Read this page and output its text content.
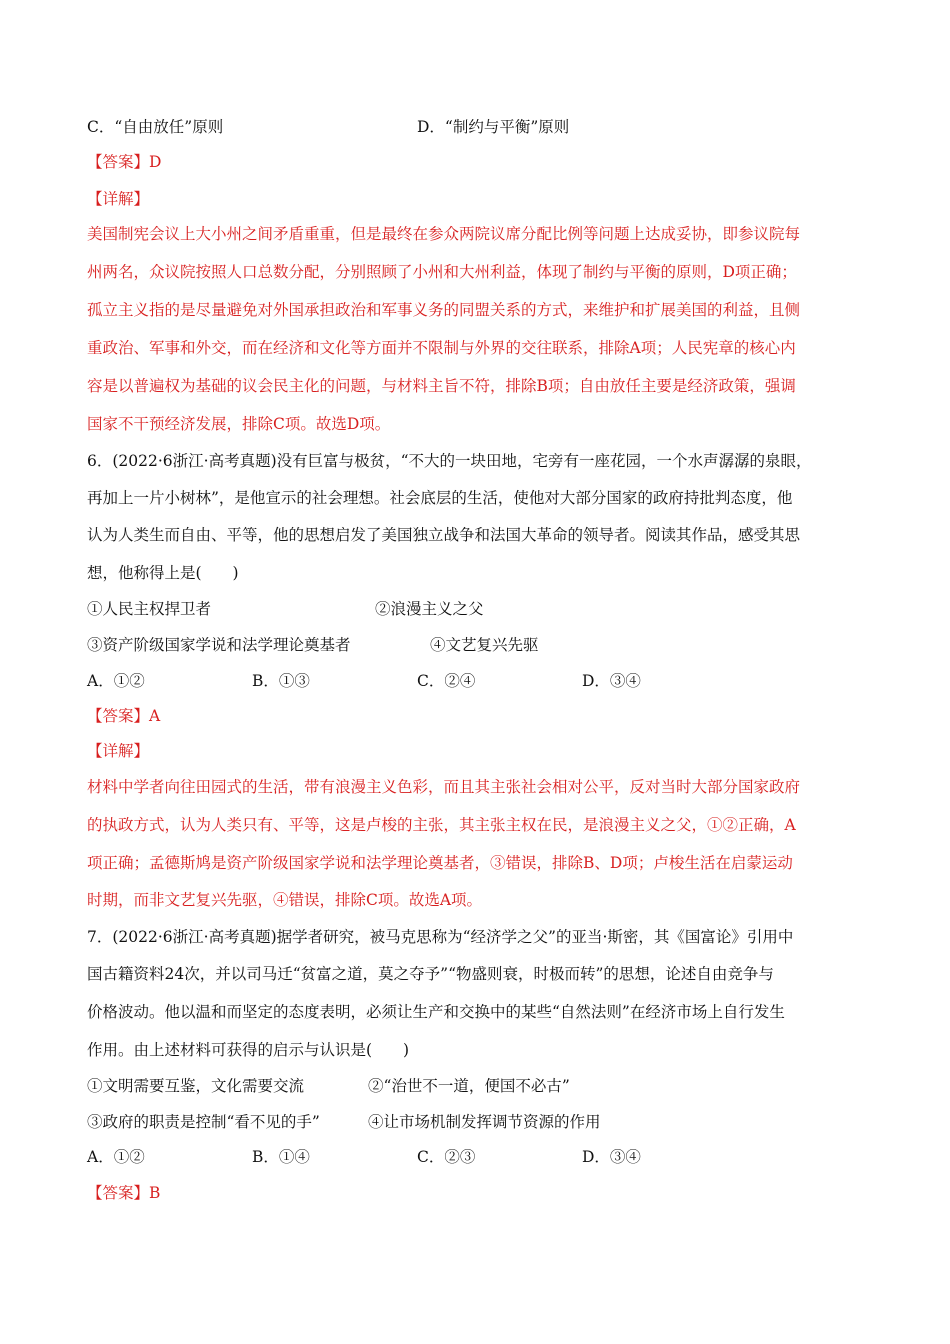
C．“自由放任”原则	D．“制约与平衡”原则
【答案】D
【详解】
美国制宪会议上大小州之间矛盾重重，但是最终在参众两院议席分配比例等问题上达成妥协，即参议院每
州两名，众议院按照人口总数分配，分别照顾了小州和大州利益，体现了制约与平衡的原则，D项正确；
孤立主义指的是尽量避免对外国承担政治和军事义务的同盟关系的方式，来维护和扩展美国的利益，且侧
重政治、军事和外交，而在经济和文化等方面并不限制与外界的交往联系，排除A项；人民宪章的核心内
容是以普遍权为基础的议会民主化的问题，与材料主旨不符，排除B项；自由放任主要是经济政策，强调
国家不干预经济发展，排除C项。故选D项。
6．(2022·6浙江·高考真题)没有巨富与极贫，“不大的一块田地，宅旁有一座花园，一个水声潺潺的泉眼，
再加上一片小树林”，是他宣示的社会理想。社会底层的生活，使他对大部分国家的政府持批判态度，他
认为人类生而自由、平等，他的思想启发了美国独立战争和法国大革命的领导者。阅读其作品，感受其思
想，他称得上是(　　)
①人民主权捍卫者	②浪漫主义之父
③资产阶级国家学说和法学理论奠基者	④文艺复兴先驱
A．①②	B．①③	C．②④	D．③④
【答案】A
【详解】
材料中学者向往田园式的生活，带有浪漫主义色彩，而且其主张社会相对公平，反对当时大部分国家政府
的执政方式，认为人类只有、平等，这是卢梭的主张，其主张主权在民，是浪漫主义之父，①②正确，A
项正确；孟德斯鸠是资产阶级国家学说和法学理论奠基者，③错误，排除B、D项；卢梭生活在启蒙运动
时期，而非文艺复兴先驱，④错误，排除C项。故选A项。
7．(2022·6浙江·高考真题)据学者研究，被马克思称为“经济学之父”的亚当·斯密，其《国富论》引用中
国古籍资料24次，并以司马迁“贫富之道，莫之夺予”“物盛则衰，时极而转”的思想，论述自由竞争与
价格波动。他以温和而坚定的态度表明，必须让生产和交换中的某些“自然法则”在经济市场上自行发生
作用。由上述材料可获得的启示与认识是(　　)
①文明需要互鉴，文化需要交流	②“治世不一道，便国不必古”
③政府的职责是控制“看不见的手”	④让市场机制发挥调节资源的作用
A．①②	B．①④	C．②③	D．③④
【答案】B
